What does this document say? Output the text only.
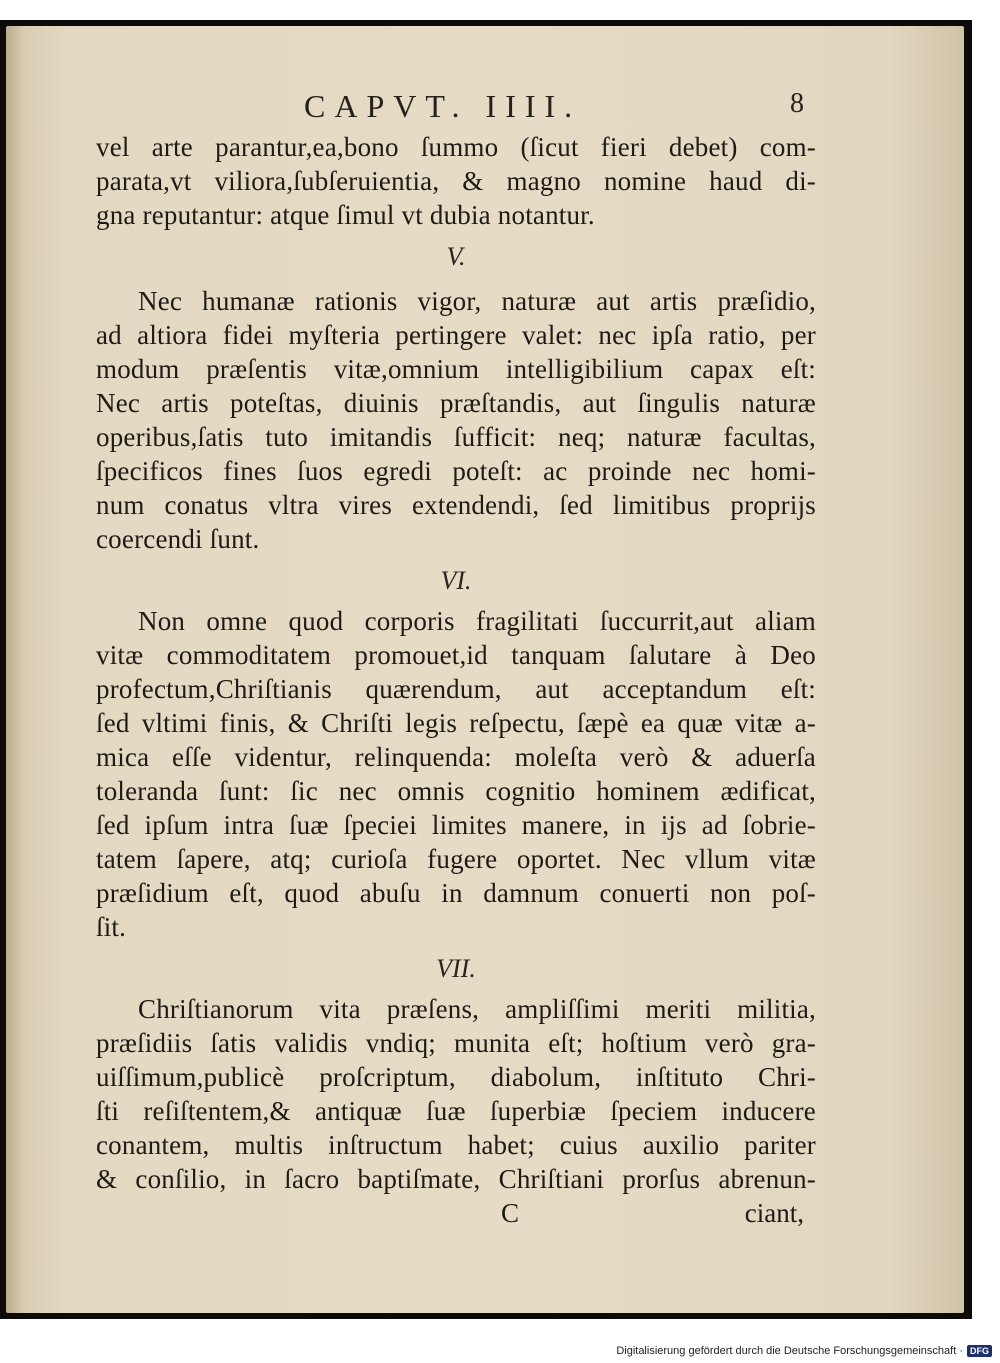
CAPVT. IIII.	8
vel arte parantur,ea,bono ſummo (ſicut fieri debet) com-
parata,vt viliora,ſubſeruientia, & magno nomine haud di-
gna reputantur: atque ſimul vt dubia notantur.
V.
Nec humanæ rationis vigor, naturæ aut artis præſidio,
ad altiora fidei myſteria pertingere valet: nec ipſa ratio, per
modum præſentis vitæ,omnium intelligibilium capax eſt:
Nec artis poteſtas, diuinis præſtandis, aut ſingulis naturæ
operibus,ſatis tuto imitandis ſufficit: neq; naturæ facultas,
ſpecificos fines ſuos egredi poteſt: ac proinde nec homi-
num conatus vltra vires extendendi, ſed limitibus proprijs
coercendi ſunt.
VI.
Non omne quod corporis fragilitati ſuccurrit,aut aliam
vitæ commoditatem promouet,id tanquam ſalutare à Deo
profectum,Chriſtianis quærendum, aut acceptandum eſt:
ſed vltimi finis, & Chriſti legis reſpectu, ſæpè ea quæ vitæ a-
mica eſſe videntur, relinquenda: moleſta verò & aduerſa
toleranda ſunt: ſic nec omnis cognitio hominem ædificat,
ſed ipſum intra ſuæ ſpeciei limites manere, in ijs ad ſobrie-
tatem ſapere, atq; curioſa fugere oportet. Nec vllum vitæ
præſidium eſt, quod abuſu in damnum conuerti non poſ-
ſit.
VII.
Chriſtianorum vita præſens, ampliſſimi meriti militia,
præſidiis ſatis validis vndiq; munita eſt; hoſtium verò gra-
uiſſimum,publicè proſcriptum, diabolum, inſtituto Chri-
ſti reſiſtentem,& antiquæ ſuæ ſuperbiæ ſpeciem inducere
conantem, multis inſtructum habet; cuius auxilio pariter
& conſilio, in ſacro baptiſmate, Chriſtiani prorſus abrenun-
C	ciant,
Digitalisierung gefördert durch die Deutsche Forschungsgemeinschaft · DFG
